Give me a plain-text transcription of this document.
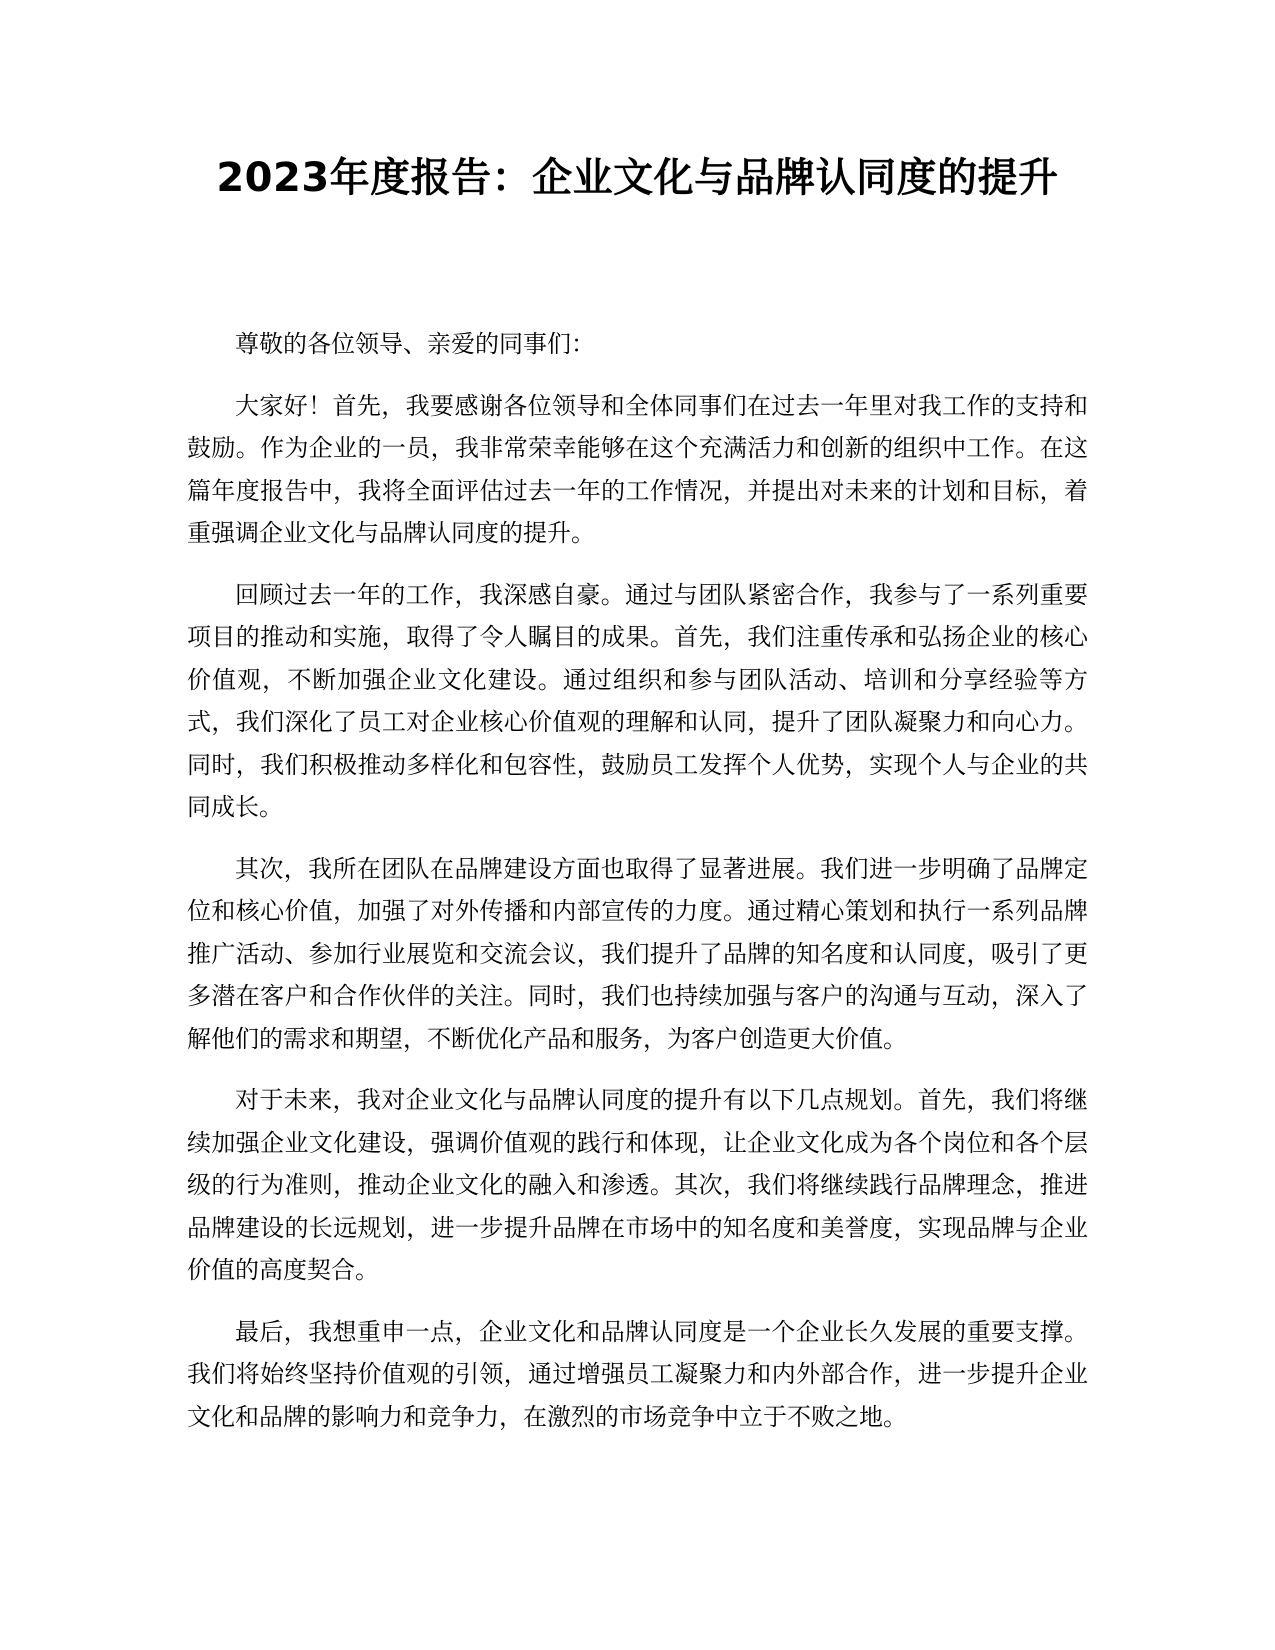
2023年度报告：企业文化与品牌认同度的提升

尊敬的各位领导、亲爱的同事们：

大家好！首先，我要感谢各位领导和全体同事们在过去一年里对我工作的支持和鼓励。作为企业的一员，我非常荣幸能够在这个充满活力和创新的组织中工作。在这篇年度报告中，我将全面评估过去一年的工作情况，并提出对未来的计划和目标，着重强调企业文化与品牌认同度的提升。

回顾过去一年的工作，我深感自豪。通过与团队紧密合作，我参与了一系列重要项目的推动和实施，取得了令人瞩目的成果。首先，我们注重传承和弘扬企业的核心价值观，不断加强企业文化建设。通过组织和参与团队活动、培训和分享经验等方式，我们深化了员工对企业核心价值观的理解和认同，提升了团队凝聚力和向心力。同时，我们积极推动多样化和包容性，鼓励员工发挥个人优势，实现个人与企业的共同成长。

其次，我所在团队在品牌建设方面也取得了显著进展。我们进一步明确了品牌定位和核心价值，加强了对外传播和内部宣传的力度。通过精心策划和执行一系列品牌推广活动、参加行业展览和交流会议，我们提升了品牌的知名度和认同度，吸引了更多潜在客户和合作伙伴的关注。同时，我们也持续加强与客户的沟通与互动，深入了解他们的需求和期望，不断优化产品和服务，为客户创造更大价值。

对于未来，我对企业文化与品牌认同度的提升有以下几点规划。首先，我们将继续加强企业文化建设，强调价值观的践行和体现，让企业文化成为各个岗位和各个层级的行为准则，推动企业文化的融入和渗透。其次，我们将继续践行品牌理念，推进品牌建设的长远规划，进一步提升品牌在市场中的知名度和美誉度，实现品牌与企业价值的高度契合。

最后，我想重申一点，企业文化和品牌认同度是一个企业长久发展的重要支撑。我们将始终坚持价值观的引领，通过增强员工凝聚力和内外部合作，进一步提升企业文化和品牌的影响力和竞争力，在激烈的市场竞争中立于不败之地。
